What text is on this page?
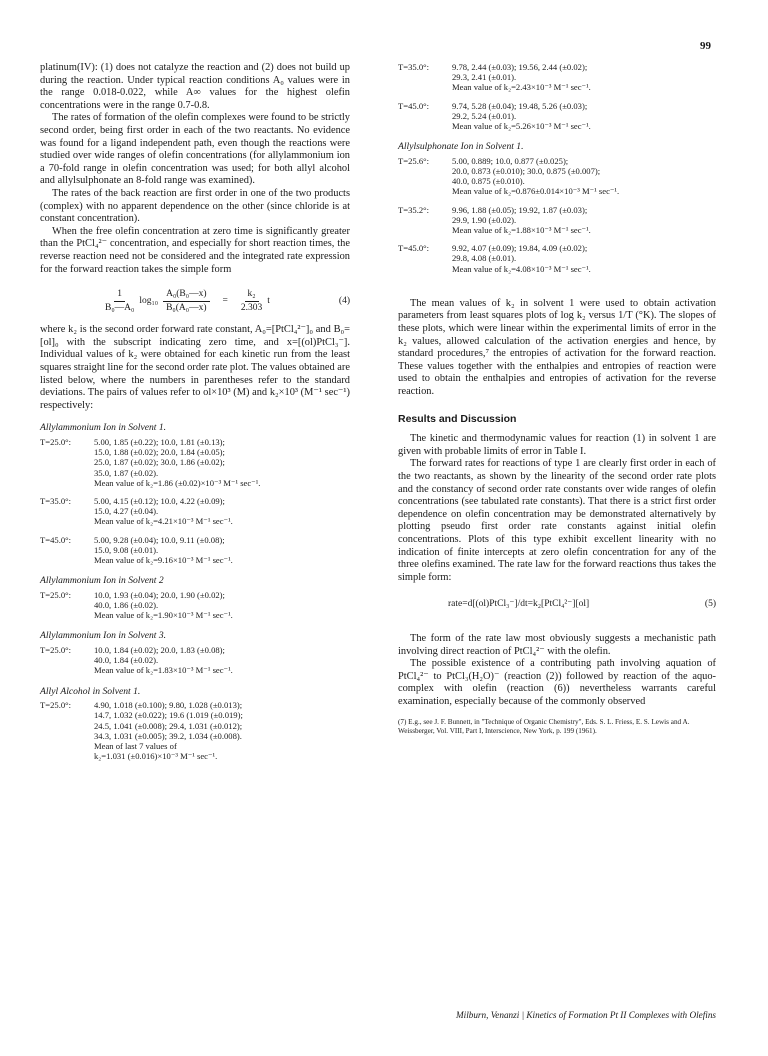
99

platinum(IV): (1) does not catalyze the reaction and (2) does not build up during the reaction. Under typical reaction conditions A₀ values were in the range 0.018-0.022, while A∞ values for the highest olefin concentrations were in the range 0.7-0.8.

The rates of formation of the olefin complexes were found to be strictly second order, being first order in each of the two reactants. No evidence was found for a ligand independent path, even though the reactions were studied over wide ranges of olefin concentrations (for allylammonium ion a 70-fold range in olefin concentration was used; for both allyl alcohol and allylsulphonate an 8-fold range was examined).

The rates of the back reaction are first order in one of the two products (complex) with no apparent dependence on the other (since chloride is at constant concentration).

When the free olefin concentration at zero time is significantly greater than the PtCl₄²⁻ concentration, and especially for short reaction times, the reverse reaction need not be considered and the integrated rate expression for the forward reaction takes the simple form

$\frac{1}{\text{B₀—A₀}} \log_{10} \frac{\text{A₀(B₀—x)}}{\text{B₀(A₀—x)}} = \frac{\text{k₂}}{2.303}$ t	(4)

where k₂ is the second order forward rate constant, A₀=[PtCl₄²⁻]₀ and B₀=[ol]₀ with the subscript indicating zero time, and x=[(ol)PtCl₃⁻]. Individual values of k₂ were obtained for each kinetic run from the least squares straight line for the second order rate plot. The values obtained are listed below, where the numbers in parentheses refer to the standard deviations. The pairs of values refer to ol×10³ (M) and k₂×10³ (M⁻¹ sec⁻¹) respectively:

Allylammonium Ion in Solvent 1.
T=25.0°:	5.00, 1.85 (±0.22); 10.0, 1.81 (±0.13);
15.0, 1.88 (±0.02); 20.0, 1.84 (±0.05);
25.0, 1.87 (±0.02); 30.0, 1.86 (±0.02);
35.0, 1.87 (±0.02).
Mean value of k₂=1.86 (±0.02)×10⁻³ M⁻¹ sec⁻¹.
T=35.0°:	5.00, 4.15 (±0.12); 10.0, 4.22 (±0.09);
15.0, 4.27 (±0.04).
Mean value of k₂=4.21×10⁻³ M⁻¹ sec⁻¹.
T=45.0°:	5.00, 9.28 (±0.04); 10.0, 9.11 (±0.08);
15.0, 9.08 (±0.01).
Mean value of k₂=9.16×10⁻³ M⁻¹ sec⁻¹.
Allylammonium Ion in Solvent 2
T=25.0°:	10.0, 1.93 (±0.04); 20.0, 1.90 (±0.02);
40.0, 1.86 (±0.02).
Mean value of k₂=1.90×10⁻³ M⁻¹ sec⁻¹.
Allylammonium Ion in Solvent 3.
T=25.0°:	10.0, 1.84 (±0.02); 20.0, 1.83 (±0.08);
40.0, 1.84 (±0.02).
Mean value of k₂=1.83×10⁻³ M⁻¹ sec⁻¹.
Allyl Alcohol in Solvent 1.
T=25.0°:	4.90, 1.018 (±0.100); 9.80, 1.028 (±0.013);
14.7, 1.032 (±0.022); 19.6 (1.019 (±0.019);
24.5, 1.041 (±0.008); 29.4, 1.031 (±0.012);
34.3, 1.031 (±0.005); 39.2, 1.034 (±0.008).
Mean of last 7 values of
k₂=1.031 (±0.016)×10⁻³ M⁻¹ sec⁻¹.
T=35.0°:	9.78, 2.44 (±0.03); 19.56, 2.44 (±0.02);
29.3, 2.41 (±0.01).
Mean value of k₂=2.43×10⁻³ M⁻¹ sec⁻¹.
T=45.0°:	9.74, 5.28 (±0.04); 19.48, 5.26 (±0.03);
29.2, 5.24 (±0.01).
Mean value of k₂=5.26×10⁻³ M⁻¹ sec⁻¹.
Allylsulphonate Ion in Solvent 1.
T=25.6°:	5.00, 0.889; 10.0, 0.877 (±0.025);
20.0, 0.873 (±0.010); 30.0, 0.875 (±0.007);
40.0, 0.875 (±0.010).
Mean value of k₂=0.876±0.014×10⁻³ M⁻¹ sec⁻¹.
T=35.2°:	9.96, 1.88 (±0.05); 19.92, 1.87 (±0.03);
29.9, 1.90 (±0.02).
Mean value of k₂=1.88×10⁻³ M⁻¹ sec⁻¹.
T=45.0°:	9.92, 4.07 (±0.09); 19.84, 4.09 (±0.02);
29.8, 4.08 (±0.01).
Mean value of k₂=4.08×10⁻³ M⁻¹ sec⁻¹.

The mean values of k₂ in solvent 1 were used to obtain activation parameters from least squares plots of log k₂ versus 1/T (°K). The slopes of these plots, which were linear within the experimental limits of error in the k₂ values, allowed calculation of the activation energies and hence, by standard procedures,⁷ the entropies of activation for the forward reaction. These values together with the enthalpies and entropies of reaction were used to obtain the enthalpies and entropies of activation for the reverse reaction.

Results and Discussion

The kinetic and thermodynamic values for reaction (1) in solvent 1 are given with probable limits of error in Table I.

The forward rates for reactions of type 1 are clearly first order in each of the two reactants, as shown by the linearity of the second order rate plots and the constancy of second order rate constants over wide ranges of olefin concentrations (see tabulated rate constants). That there is a strict first order dependence on olefin concentration may be demonstrated alternatively by plotting pseudo first order rate constants against initial olefin concentrations. Plots of this type exhibit excellent linearity with no indication of finite intercepts at zero olefin concentration for any of the three olefins examined. The rate law for the forward reactions thus takes the simple form:

rate=d[(ol)PtCl₃⁻]/dt=k₂[PtCl₄²⁻][ol]	(5)

The form of the rate law most obviously suggests a mechanistic path involving direct reaction of PtCl₄²⁻ with the olefin.

The possible existence of a contributing path involving aquation of PtCl₄²⁻ to PtCl₃(H₂O)⁻ (reaction (2)) followed by reaction of the aquo-complex with olefin (reaction (6)) nevertheless warrants careful examination, especially because of the commonly observed

(7) E.g., see J. F. Bunnett, in "Technique of Organic Chemistry", Eds. S. L. Friess, E. S. Lewis and A. Weissberger, Vol. VIII, Part I, Interscience, New York, p. 199 (1961).
Milburn, Venanzi | Kinetics of Formation Pt II Complexes with Olefins
